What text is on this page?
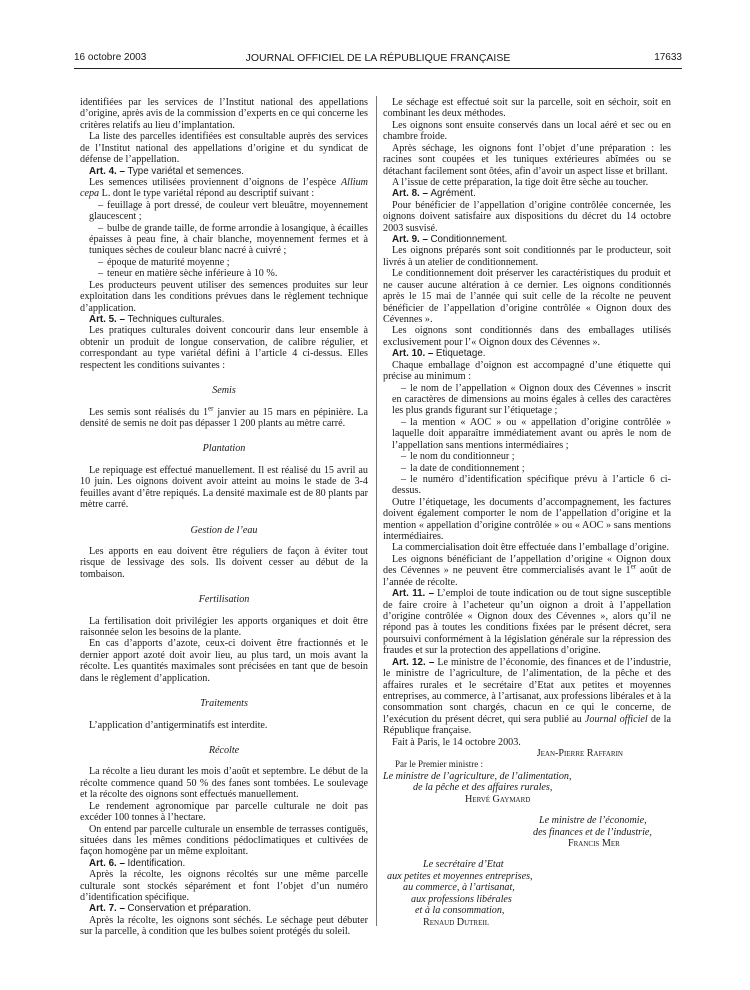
16 octobre 2003	JOURNAL OFFICIEL DE LA RÉPUBLIQUE FRANÇAISE	17633

identifiées par les services de l’Institut national des appellations d’origine, après avis de la commission d’experts en ce qui concerne les critères relatifs au lieu d’implantation.

La liste des parcelles identifiées est consultable auprès des services de l’Institut national des appellations d’origine et du syndicat de défense de l’appellation.

Art. 4. – Type variétal et semences.

Les semences utilisées proviennent d’oignons de l’espèce Allium cepa L. dont le type variétal répond au descriptif suivant :

– feuillage à port dressé, de couleur vert bleuâtre, moyennement glaucescent ;

– bulbe de grande taille, de forme arrondie à losangique, à écailles épaisses à peau fine, à chair blanche, moyennement fermes et à tuniques sèches de couleur blanc nacré à cuivré ;

– époque de maturité moyenne ;

– teneur en matière sèche inférieure à 10 %.

Les producteurs peuvent utiliser des semences produites sur leur exploitation dans les conditions prévues dans le règlement technique d’application.

Art. 5. – Techniques culturales.

Les pratiques culturales doivent concourir dans leur ensemble à obtenir un produit de longue conservation, de calibre régulier, et correspondant au type variétal défini à l’article 4 ci-dessus. Elles respectent les conditions suivantes :

Semis

Les semis sont réalisés du 1er janvier au 15 mars en pépinière. La densité de semis ne doit pas dépasser 1 200 plants au mètre carré.

Plantation

Le repiquage est effectué manuellement. Il est réalisé du 15 avril au 10 juin. Les oignons doivent avoir atteint au moins le stade de 3-4 feuilles avant d’être repiqués. La densité maximale est de 80 plants par mètre carré.

Gestion de l’eau

Les apports en eau doivent être réguliers de façon à éviter tout risque de lessivage des sols. Ils doivent cesser au début de la tombaison.

Fertilisation

La fertilisation doit privilégier les apports organiques et doit être raisonnée selon les besoins de la plante.

En cas d’apports d’azote, ceux-ci doivent être fractionnés et le dernier apport azoté doit avoir lieu, au plus tard, un mois avant la récolte. Les quantités maximales sont précisées en tant que de besoin dans le règlement d’application.

Traitements

L’application d’antigerminatifs est interdite.

Récolte

La récolte a lieu durant les mois d’août et septembre. Le début de la récolte commence quand 50 % des fanes sont tombées. Le soulevage et la récolte des oignons sont effectués manuellement.

Le rendement agronomique par parcelle culturale ne doit pas excéder 100 tonnes à l’hectare.

On entend par parcelle culturale un ensemble de terrasses contiguës, situées dans les mêmes conditions pédoclimatiques et cultivées de façon homogène par un même exploitant.

Art. 6. – Identification.

Après la récolte, les oignons récoltés sur une même parcelle culturale sont stockés séparément et font l’objet d’un numéro d’identification spécifique.

Art. 7. – Conservation et préparation.

Après la récolte, les oignons sont séchés. Le séchage peut débuter sur la parcelle, à condition que les bulbes soient protégés du soleil.

Le séchage est effectué soit sur la parcelle, soit en séchoir, soit en combinant les deux méthodes.

Les oignons sont ensuite conservés dans un local aéré et sec ou en chambre froide.

Après séchage, les oignons font l’objet d’une préparation : les racines sont coupées et les tuniques extérieures abîmées ou se détachant facilement sont ôtées, afin d’avoir un aspect lisse et brillant.

A l’issue de cette préparation, la tige doit être sèche au toucher.

Art. 8. – Agrément.

Pour bénéficier de l’appellation d’origine contrôlée concernée, les oignons doivent satisfaire aux dispositions du décret du 14 octobre 2003 susvisé.

Art. 9. – Conditionnement.

Les oignons préparés sont soit conditionnés par le producteur, soit livrés à un atelier de conditionnement.

Le conditionnement doit préserver les caractéristiques du produit et ne causer aucune altération à ce dernier. Les oignons conditionnés après le 15 mai de l’année qui suit celle de la récolte ne peuvent bénéficier de l’appellation d’origine contrôlée « Oignon doux des Cévennes ».

Les oignons sont conditionnés dans des emballages utilisés exclusivement pour l’« Oignon doux des Cévennes ».

Art. 10. – Etiquetage.

Chaque emballage d’oignon est accompagné d’une étiquette qui précise au minimum :

– le nom de l’appellation « Oignon doux des Cévennes » inscrit en caractères de dimensions au moins égales à celles des caractères les plus grands figurant sur l’étiquetage ;

– la mention « AOC » ou « appellation d’origine contrôlée » laquelle doit apparaître immédiatement avant ou après le nom de l’appellation sans mentions intermédiaires ;

– le nom du conditionneur ;

– la date de conditionnement ;

– le numéro d’identification spécifique prévu à l’article 6 ci-dessus.

Outre l’étiquetage, les documents d’accompagnement, les factures doivent également comporter le nom de l’appellation d’origine et la mention « appellation d’origine contrôlée » ou « AOC » sans mentions intermédiaires.

La commercialisation doit être effectuée dans l’emballage d’origine.

Les oignons bénéficiant de l’appellation d’origine « Oignon doux des Cévennes » ne peuvent être commercialisés avant le 1er août de l’année de récolte.

Art. 11. – L’emploi de toute indication ou de tout signe susceptible de faire croire à l’acheteur qu’un oignon a droit à l’appellation d’origine contrôlée « Oignon doux des Cévennes », alors qu’il ne répond pas à toutes les conditions fixées par le présent décret, sera poursuivi conformément à la législation générale sur la répression des fraudes et sur la protection des appellations d’origine.

Art. 12. – Le ministre de l’économie, des finances et de l’industrie, le ministre de l’agriculture, de l’alimentation, de la pêche et des affaires rurales et le secrétaire d’Etat aux petites et moyennes entreprises, au commerce, à l’artisanat, aux professions libérales et à la consommation sont chargés, chacun en ce qui le concerne, de l’exécution du présent décret, qui sera publié au Journal officiel de la République française.

Fait à Paris, le 14 octobre 2003.

Jean-Pierre Raffarin
Par le Premier ministre :
Le ministre de l’agriculture, de l’alimentation,
de la pêche et des affaires rurales,
Hervé Gaymard
Le ministre de l’économie,
des finances et de l’industrie,
Francis Mer
Le secrétaire d’Etat
aux petites et moyennes entreprises,
au commerce, à l’artisanat,
aux professions libérales
et à la consommation,
Renaud Dutreil
